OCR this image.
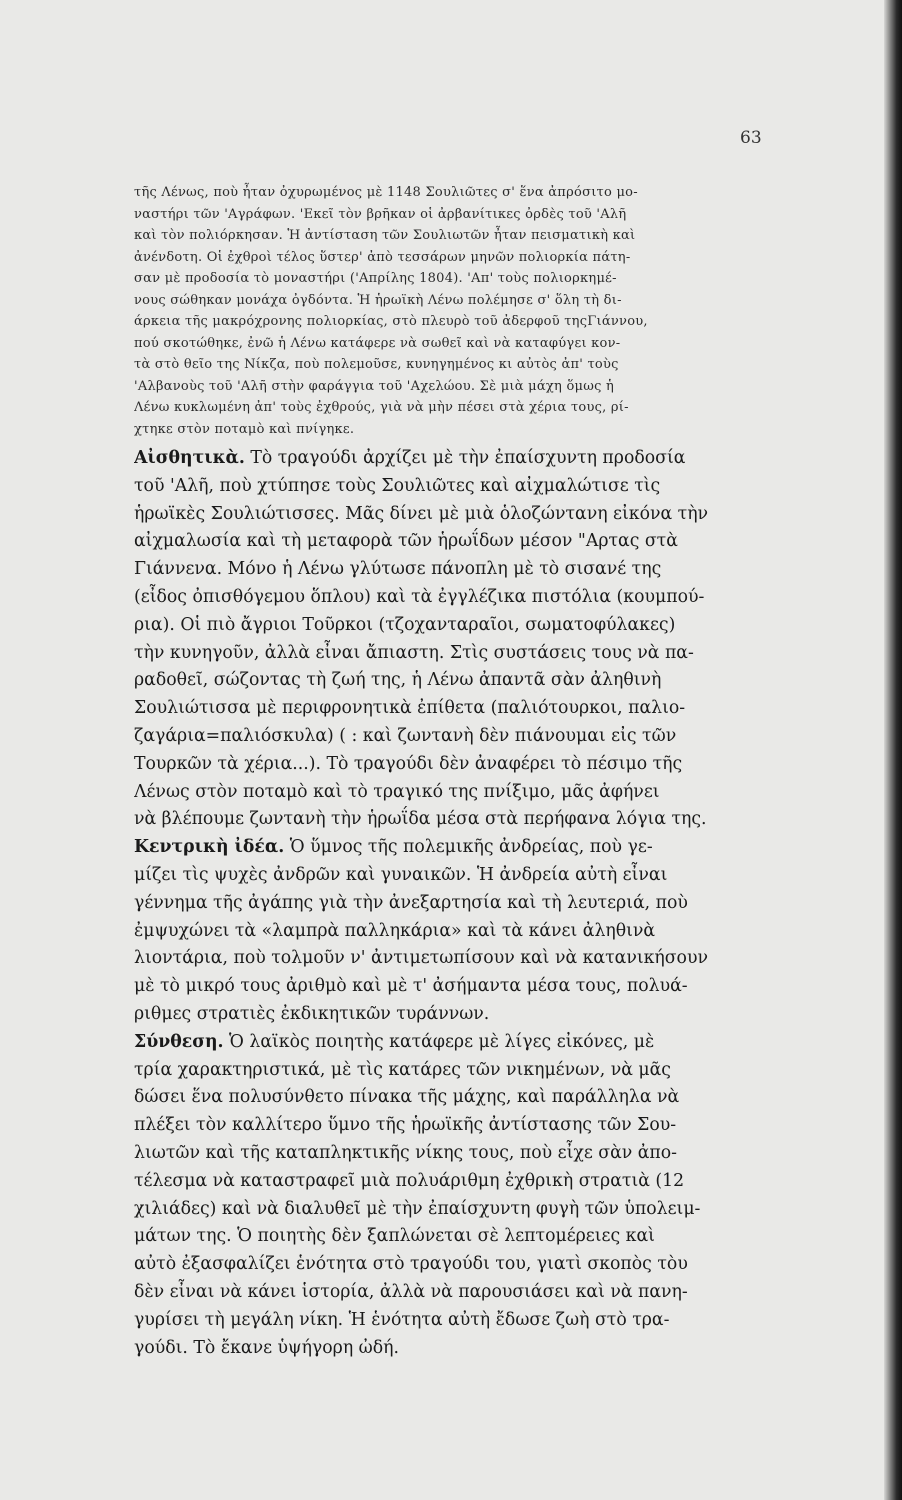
63
τῆς Λένως, ποὺ ἦταν ὀχυρωμένος μὲ 1148 Σουλιῶτες σ' ἕνα ἀπρόσιτο μο-
ναστήρι τῶν 'Αγράφων. 'Εκεῖ τὸν βρῆκαν οἱ ἀρβανίτικες ὀρδὲς τοῦ 'Αλῆ
καὶ τὸν πολιόρκησαν. Ἡ ἀντίσταση τῶν Σουλιωτῶν ἦταν πεισματικὴ καὶ
ἀνένδοτη. Οἱ ἐχθροὶ τέλος ὕστερ' ἀπὸ τεσσάρων μηνῶν πολιορκία πάτη-
σαν μὲ προδοσία τὸ μοναστήρι ('Απρίλης 1804). 'Απ' τοὺς πολιορκημέ-
νους σώθηκαν μονάχα ὀγδόντα. Ἡ ἡρωϊκὴ Λένω πολέμησε σ' ὅλη τὴ δι-
άρκεια τῆς μακρόχρονης πολιορκίας, στὸ πλευρὸ τοῦ ἀδερφοῦ τηςΓιάννου,
πού σκοτώθηκε, ἐνῶ ἡ Λένω κατάφερε νὰ σωθεῖ καὶ νὰ καταφύγει κον-
τὰ στὸ θεῖο της Νίκζα, ποὺ πολεμοῦσε, κυνηγημένος κι αὐτὸς ἀπ' τοὺς
'Αλβανοὺς τοῦ 'Αλῆ στὴν φαράγγια τοῦ 'Αχελώου. Σὲ μιὰ μάχη ὅμως ἡ
Λένω κυκλωμένη ἀπ' τοὺς ἐχθρούς, γιὰ νὰ μὴν πέσει στὰ χέρια τους, ρί-
χτηκε στὸν ποταμὸ καὶ πνίγηκε.
Αἰσθητικὰ. Τὸ τραγούδι ἀρχίζει μὲ τὴν ἐπαίσχυντη προδοσία
τοῦ 'Αλῆ, ποὺ χτύπησε τοὺς Σουλιῶτες καὶ αἰχμαλώτισε τὶς
ἡρωϊκὲς Σουλιώτισσες. Μᾶς δίνει μὲ μιὰ ὁλοζώντανη εἰκόνα τὴν
αἰχμαλωσία καὶ τὴ μεταφορὰ τῶν ἡρωΐδων μέσον "Αρτας στὰ
Γιάννενα. Μόνο ἡ Λένω γλύτωσε πάνοπλη μὲ τὸ σισανέ της
(εἶδος ὀπισθόγεμου ὅπλου) καὶ τὰ ἐγγλέζικα πιστόλια (κουμπού-
ρια). Οἱ πιὸ ἄγριοι Τοῦρκοι (τζοχανταραῖοι, σωματοφύλακες)
τὴν κυνηγοῦν, ἀλλὰ εἶναι ἄπιαστη. Στὶς συστάσεις τους νὰ πα-
ραδοθεῖ, σώζοντας τὴ ζωή της, ἡ Λένω ἀπαντᾶ σὰν ἀληθινὴ
Σουλιώτισσα μὲ περιφρονητικὰ ἐπίθετα (παλιότουρκοι, παλιο-
ζαγάρια=παλιόσκυλα) ( : καὶ ζωντανὴ δὲν πιάνουμαι εἰς τῶν
Τουρκῶν τὰ χέρια...). Τὸ τραγούδι δὲν ἀναφέρει τὸ πέσιμο τῆς
Λένως στὸν ποταμὸ καὶ τὸ τραγικό της πνίξιμο, μᾶς ἀφήνει
νὰ βλέπουμε ζωντανὴ τὴν ἡρωΐδα μέσα στὰ περήφανα λόγια της.
Κεντρικὴ ἰδέα. Ὁ ὕμνος τῆς πολεμικῆς ἀνδρείας, ποὺ γε-
μίζει τὶς ψυχὲς ἀνδρῶν καὶ γυναικῶν. Ἡ ἀνδρεία αὐτὴ εἶναι
γέννημα τῆς ἀγάπης γιὰ τὴν ἀνεξαρτησία καὶ τὴ λευτεριά, ποὺ
ἐμψυχώνει τὰ «λαμπρὰ παλληκάρια» καὶ τὰ κάνει ἀληθινὰ
λιοντάρια, ποὺ τολμοῦν ν' ἀντιμετωπίσουν καὶ νὰ κατανικήσουν
μὲ τὸ μικρό τους ἀριθμὸ καὶ μὲ τ' ἀσήμαντα μέσα τους, πολυά-
ριθμες στρατιὲς ἐκδικητικῶν τυράννων.
Σύνθεση. Ὁ λαϊκὸς ποιητὴς κατάφερε μὲ λίγες εἰκόνες, μὲ
τρία χαρακτηριστικά, μὲ τὶς κατάρες τῶν νικημένων, νὰ μᾶς
δώσει ἕνα πολυσύνθετο πίνακα τῆς μάχης, καὶ παράλληλα νὰ
πλέξει τὸν καλλίτερο ὕμνο τῆς ἡρωϊκῆς ἀντίστασης τῶν Σου-
λιωτῶν καὶ τῆς καταπληκτικῆς νίκης τους, ποὺ εἶχε σὰν ἀπο-
τέλεσμα νὰ καταστραφεῖ μιὰ πολυάριθμη ἐχθρικὴ στρατιὰ (12
χιλιάδες) καὶ νὰ διαλυθεῖ μὲ τὴν ἐπαίσχυντη φυγὴ τῶν ὑπολειμ-
μάτων της. Ὁ ποιητὴς δὲν ξαπλώνεται σὲ λεπτομέρειες καὶ
αὐτὸ ἐξασφαλίζει ἑνότητα στὸ τραγούδι του, γιατὶ σκοπὸς τὸυ
δὲν εἶναι νὰ κάνει ἱστορία, ἀλλὰ νὰ παρουσιάσει καὶ νὰ πανη-
γυρίσει τὴ μεγάλη νίκη. Ἡ ἑνότητα αὐτὴ ἔδωσε ζωὴ στὸ τρα-
γούδι. Τὸ ἔκανε ὑψήγορη ὠδή.
